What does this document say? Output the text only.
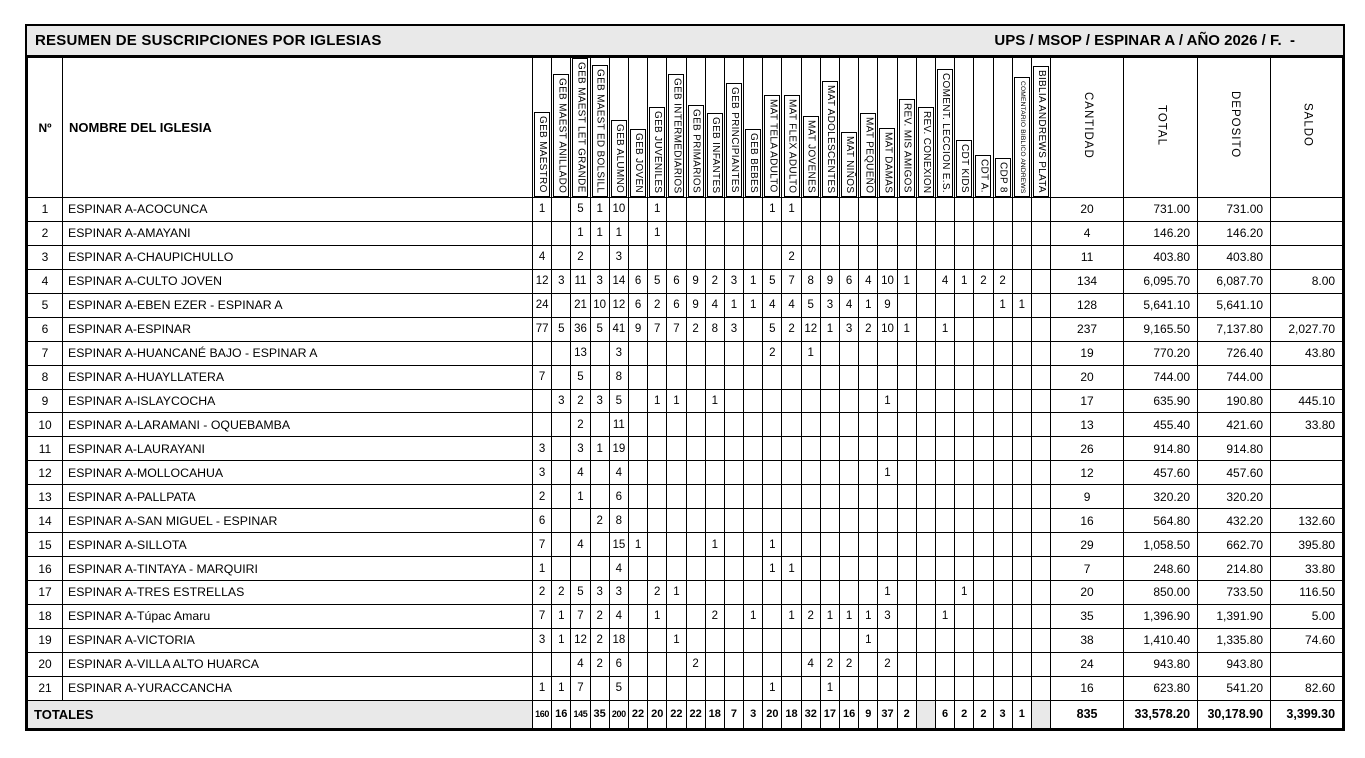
RESUMEN DE SUSCRIPCIONES POR IGLESIAS	UPS / MSOP / ESPINAR A / AÑO 2026 / F.  -
Nº	NOMBRE DEL IGLESIA	GEB MAESTRO	GEB MAEST ANILLADO	GEB MAEST LET GRANDE	GEB MAEST ED BOLSILL	GEB ALUMNO	GEB JOVEN	GEB JUVENILES	GEB INTERMEDIARIOS	GEB PRIMARIOS	GEB INFANTES	GEB PRINCIPIANTES	GEB BEBES	MAT TELA ADULTO	MAT FLEX ADULTO	MAT JOVENES	MAT ADOLESCENTES	MAT NIÑOS	MAT PEQUEÑO	MAT DAMAS	REV. MIS AMIGOS	REV. CONEXION	COMENT. LECCION E.S.	CDT KIDS	CDT A.	CDP 8	COMENTARIO BIBLICO ANDREWS	BIBLIA ANDREWS PLATA	CANTIDAD	TOTAL	DEPOSITO	SALDO
1	ESPINAR A-ACOCUNCA	1		5	1	10		1						1	1														20	731.00	731.00	
2	ESPINAR A-AMAYANI			1	1	1		1																					4	146.20	146.20	
3	ESPINAR A-CHAUPICHULLO	4		2		3									2														11	403.80	403.80	
4	ESPINAR A-CULTO JOVEN	12	3	11	3	14	6	5	6	9	2	3	1	5	7	8	9	6	4	10	1		4	1	2	2			134	6,095.70	6,087.70	8.00
5	ESPINAR A-EBEN EZER - ESPINAR A	24		21	10	12	6	2	6	9	4	1	1	4	4	5	3	4	1	9						1	1		128	5,641.10	5,641.10	
6	ESPINAR A-ESPINAR	77	5	36	5	41	9	7	7	2	8	3		5	2	12	1	3	2	10	1		1						237	9,165.50	7,137.80	2,027.70
7	ESPINAR A-HUANCANÉ BAJO - ESPINAR A			13		3								2		1													19	770.20	726.40	43.80
8	ESPINAR A-HUAYLLATERA	7		5		8																							20	744.00	744.00	
9	ESPINAR A-ISLAYCOCHA		3	2	3	5		1	1		1									1									17	635.90	190.80	445.10
10	ESPINAR A-LARAMANI - OQUEBAMBA			2		11																							13	455.40	421.60	33.80
11	ESPINAR A-LAURAYANI	3		3	1	19																							26	914.80	914.80	
12	ESPINAR A-MOLLOCAHUA	3		4		4														1									12	457.60	457.60	
13	ESPINAR A-PALLPATA	2		1		6																							9	320.20	320.20	
14	ESPINAR A-SAN MIGUEL - ESPINAR	6			2	8																							16	564.80	432.20	132.60
15	ESPINAR A-SILLOTA	7		4		15	1				1			1															29	1,058.50	662.70	395.80
16	ESPINAR A-TINTAYA - MARQUIRI	1				4								1	1														7	248.60	214.80	33.80
17	ESPINAR A-TRES ESTRELLAS	2	2	5	3	3		2	1											1				1					20	850.00	733.50	116.50
18	ESPINAR A-Túpac Amaru	7	1	7	2	4		1			2		1		1	2	1	1	1	3			1						35	1,396.90	1,391.90	5.00
19	ESPINAR A-VICTORIA	3	1	12	2	18			1										1										38	1,410.40	1,335.80	74.60
20	ESPINAR A-VILLA ALTO HUARCA			4	2	6				2						4	2	2		2									24	943.80	943.80	
21	ESPINAR A-YURACCANCHA	1	1	7		5								1			1												16	623.80	541.20	82.60
TOTALES		160	16	145	35	200	22	20	22	22	18	7	3	20	18	32	17	16	9	37	2		6	2	2	3	1		835	33,578.20	30,178.90	3,399.30
